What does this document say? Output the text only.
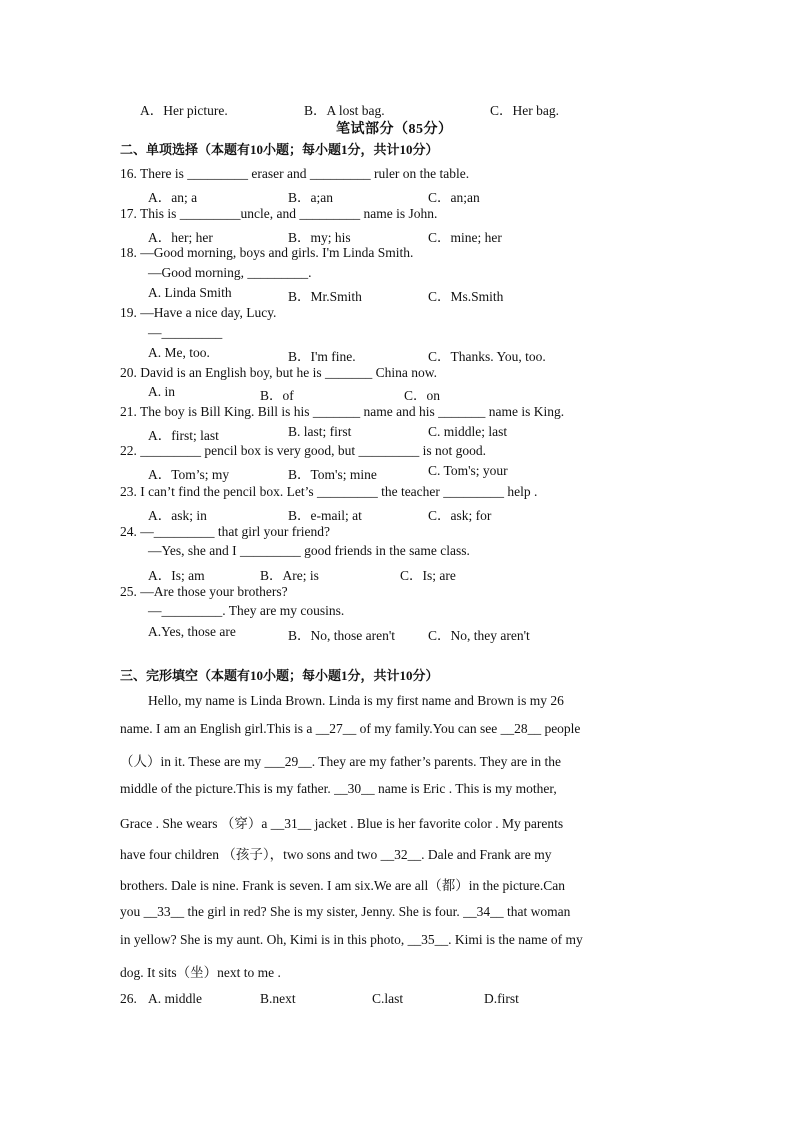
A．Her picture.	B．A lost bag.	C．Her bag.
笔试部分（85分）
二、单项选择（本题有10小题；每小题1分，共计10分）
16. There is _________ eraser and _________ ruler on the table.
A．an; a	B．a;an	C．an;an
17. This is _________uncle, and _________ name is John.
A．her; her	B．my; his	C．mine; her
18. —Good morning, boys and girls. I'm Linda Smith.
—Good morning, _________.
A. Linda Smith	B．Mr.Smith	C．Ms.Smith
19. —Have a nice day, Lucy.
—_________
A. Me, too.	B．I'm fine.	C．Thanks. You, too.
20. David is an English boy, but he is _______ China now.
A. in	B．of	C．on
21. The boy is Bill King. Bill is his _______ name and his _______ name is King.
A．first; last	B. last; first	C. middle; last
22. _________ pencil box is very good, but _________ is not good.
A．Tom’s; my	B．Tom's; mine	C. Tom's; your
23. I can’t find the pencil box. Let’s _________ the teacher _________ help .
A．ask; in	B．e-mail; at	C．ask; for
24. —_________ that girl your friend?
—Yes, she and I _________ good friends in the same class.
A．Is; am	B．Are; is	C．Is; are
25. —Are those your brothers?
—_________. They are my cousins.
A.Yes, those are	B．No, those aren't C．No, they aren't
三、完形填空（本题有10小题；每小题1分，共计10分）
Hello, my name is Linda Brown. Linda is my first name and Brown is my 26
name. I am an English girl.This is a __27__ of my family.You can see __28__ people
（人）in it. These are my ___29__. They are my father’s parents. They are in the
middle of the picture.This is my father. __30__ name is Eric . This is my mother,
Grace . She wears （穿）a __31__ jacket . Blue is her favorite color . My parents
have four children （孩子），two sons and two __32__. Dale and Frank are my
brothers. Dale is nine. Frank is seven. I am six.We are all（都）in the picture.Can
you __33__ the girl in red? She is my sister, Jenny. She is four. __34__ that woman
in yellow? She is my aunt. Oh, Kimi is in this photo, __35__. Kimi is the name of my
dog. It sits（坐）next to me .
26. A. middle	B.next	C.last	D.first
